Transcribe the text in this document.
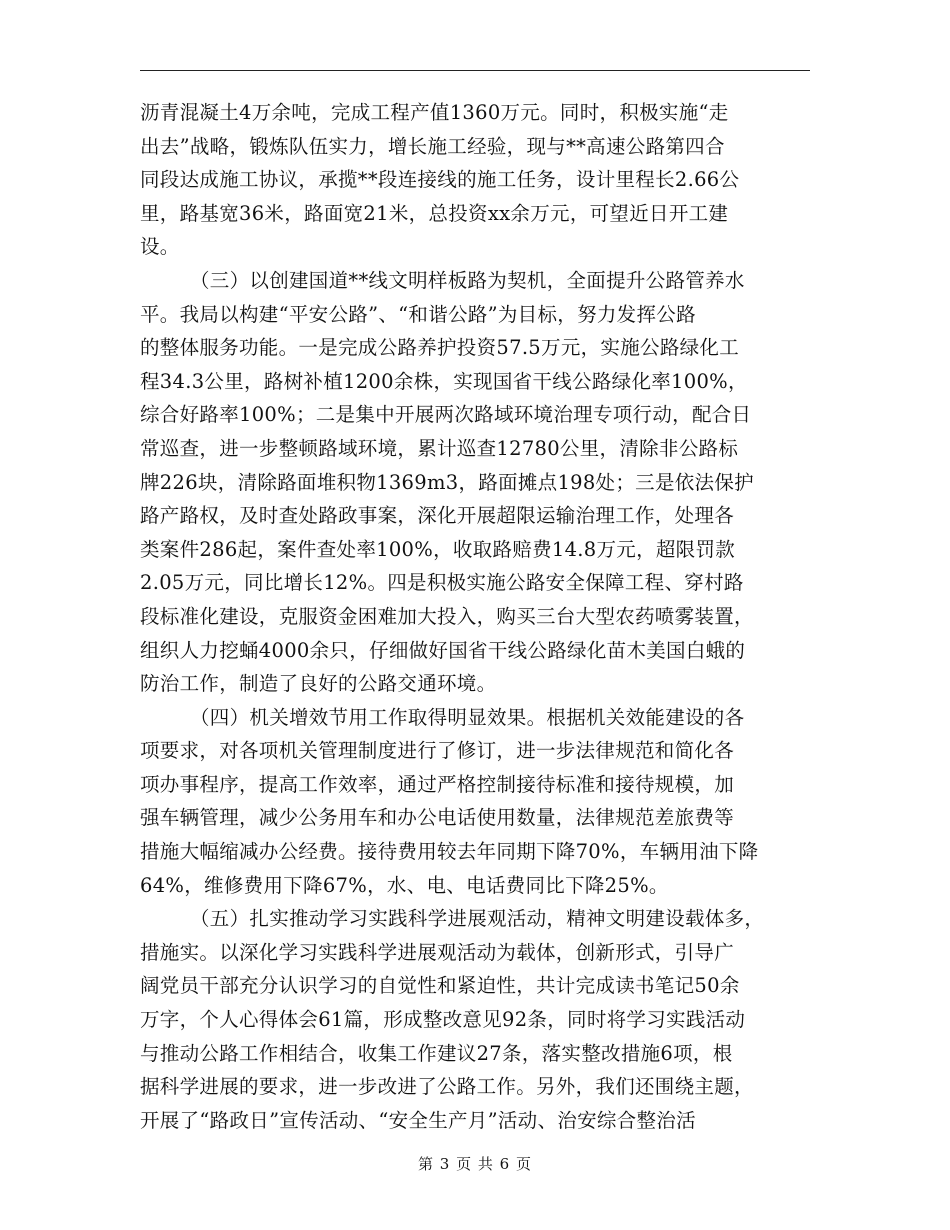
沥青混凝土4万余吨，完成工程产值1360万元。同时，积极实施“走
出去”战略，锻炼队伍实力，增长施工经验，现与**高速公路第四合
同段达成施工协议，承揽**段连接线的施工任务，设计里程长2.66公
里，路基宽36米，路面宽21米，总投资xx余万元，可望近日开工建
设。
（三）以创建国道**线文明样板路为契机，全面提升公路管养水
平。我局以构建“平安公路”、“和谐公路”为目标，努力发挥公路
的整体服务功能。一是完成公路养护投资57.5万元，实施公路绿化工
程34.3公里，路树补植1200余株，实现国省干线公路绿化率100%，
综合好路率100%；二是集中开展两次路域环境治理专项行动，配合日
常巡查，进一步整顿路域环境，累计巡查12780公里，清除非公路标
牌226块，清除路面堆积物1369m3，路面摊点198处；三是依法保护
路产路权，及时查处路政事案，深化开展超限运输治理工作，处理各
类案件286起，案件查处率100%，收取路赔费14.8万元，超限罚款
2.05万元，同比增长12%。四是积极实施公路安全保障工程、穿村路
段标准化建设，克服资金困难加大投入，购买三台大型农药喷雾装置，
组织人力挖蛹4000余只，仔细做好国省干线公路绿化苗木美国白蛾的
防治工作，制造了良好的公路交通环境。
（四）机关增效节用工作取得明显效果。根据机关效能建设的各
项要求，对各项机关管理制度进行了修订，进一步法律规范和简化各
项办事程序，提高工作效率，通过严格控制接待标准和接待规模，加
强车辆管理，减少公务用车和办公电话使用数量，法律规范差旅费等
措施大幅缩减办公经费。接待费用较去年同期下降70%，车辆用油下降
64%，维修费用下降67%，水、电、电话费同比下降25%。
（五）扎实推动学习实践科学进展观活动，精神文明建设载体多，
措施实。以深化学习实践科学进展观活动为载体，创新形式，引导广
阔党员干部充分认识学习的自觉性和紧迫性，共计完成读书笔记50余
万字，个人心得体会61篇，形成整改意见92条，同时将学习实践活动
与推动公路工作相结合，收集工作建议27条，落实整改措施6项，根
据科学进展的要求，进一步改进了公路工作。另外，我们还围绕主题，
开展了“路政日”宣传活动、“安全生产月”活动、治安综合整治活
第 3 页 共 6 页
